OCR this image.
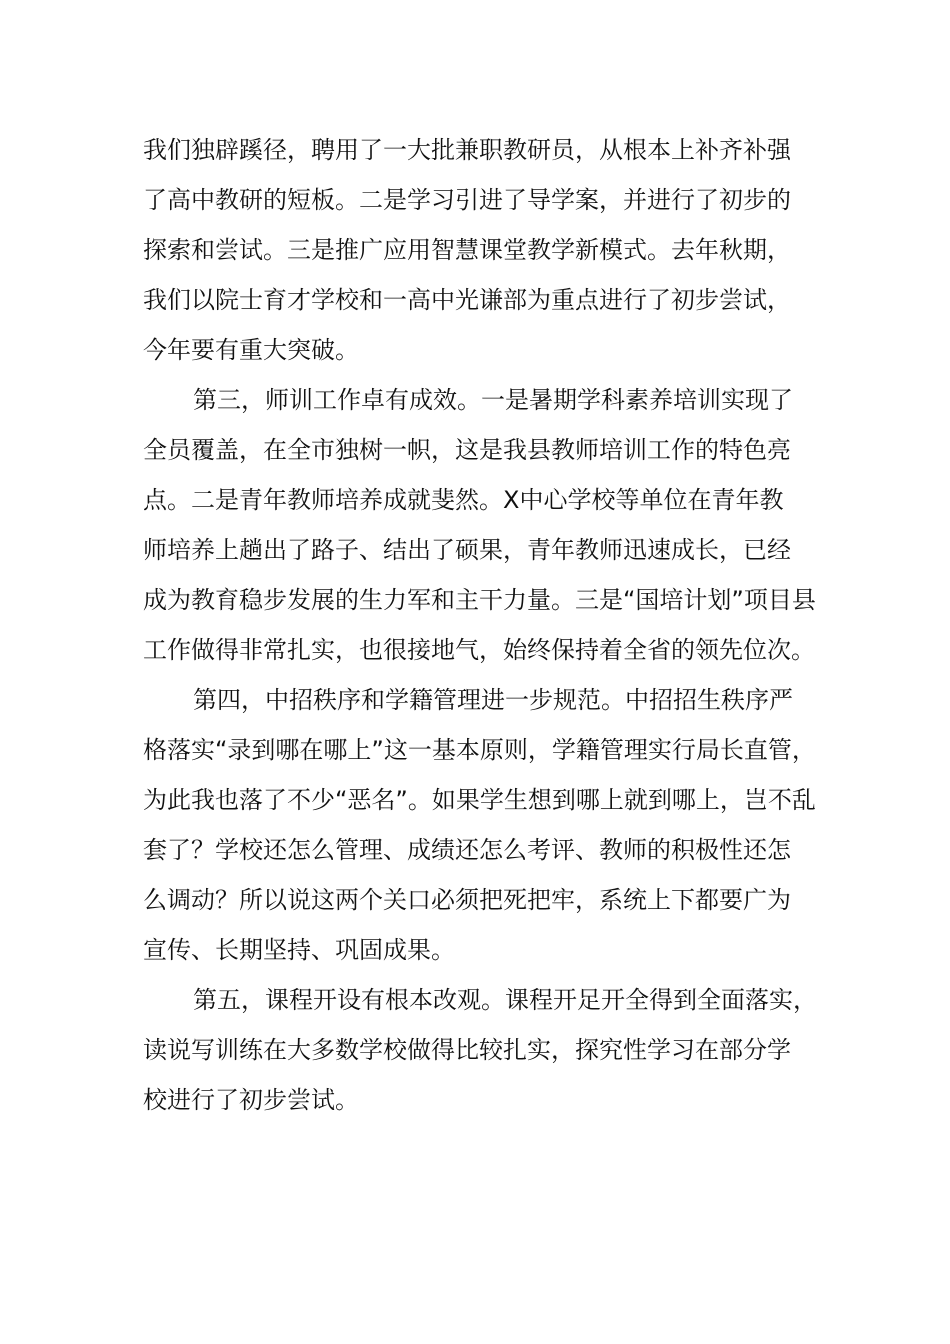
我们独辟蹊径，聘用了一大批兼职教研员，从根本上补齐补强
了高中教研的短板。二是学习引进了导学案，并进行了初步的
探索和尝试。三是推广应用智慧课堂教学新模式。去年秋期，
我们以院士育才学校和一高中光谦部为重点进行了初步尝试，
今年要有重大突破。
第三，师训工作卓有成效。一是暑期学科素养培训实现了
全员覆盖，在全市独树一帜，这是我县教师培训工作的特色亮
点。二是青年教师培养成就斐然。X中心学校等单位在青年教
师培养上趟出了路子、结出了硕果，青年教师迅速成长，已经
成为教育稳步发展的生力军和主干力量。三是“国培计划”项目县
工作做得非常扎实，也很接地气，始终保持着全省的领先位次。
第四，中招秩序和学籍管理进一步规范。中招招生秩序严
格落实“录到哪在哪上”这一基本原则，学籍管理实行局长直管，
为此我也落了不少“恶名”。如果学生想到哪上就到哪上，岂不乱
套了？学校还怎么管理、成绩还怎么考评、教师的积极性还怎
么调动？所以说这两个关口必须把死把牢，系统上下都要广为
宣传、长期坚持、巩固成果。
第五，课程开设有根本改观。课程开足开全得到全面落实，
读说写训练在大多数学校做得比较扎实，探究性学习在部分学
校进行了初步尝试。
